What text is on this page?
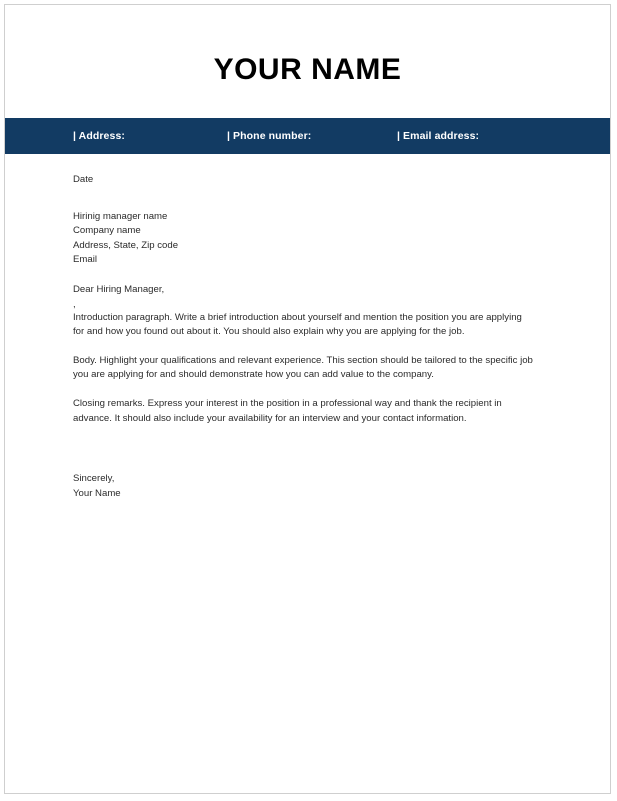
YOUR NAME
| Address:	| Phone number:	| Email address:
Date
Hirinig manager name
Company name
Address, State, Zip code
Email
Dear Hiring Manager,
,

Introduction paragraph. Write a brief introduction about yourself and mention the position you are applying for and how you found out about it. You should also explain why you are applying for the job.

Body. Highlight your qualifications and relevant experience. This section should be tailored to the specific job you are applying for and should demonstrate how you can add value to the company.

Closing remarks. Express your interest in the position in a professional way and thank the recipient in advance. It should also include your availability for an interview and your contact information.

Sincerely,
Your Name
